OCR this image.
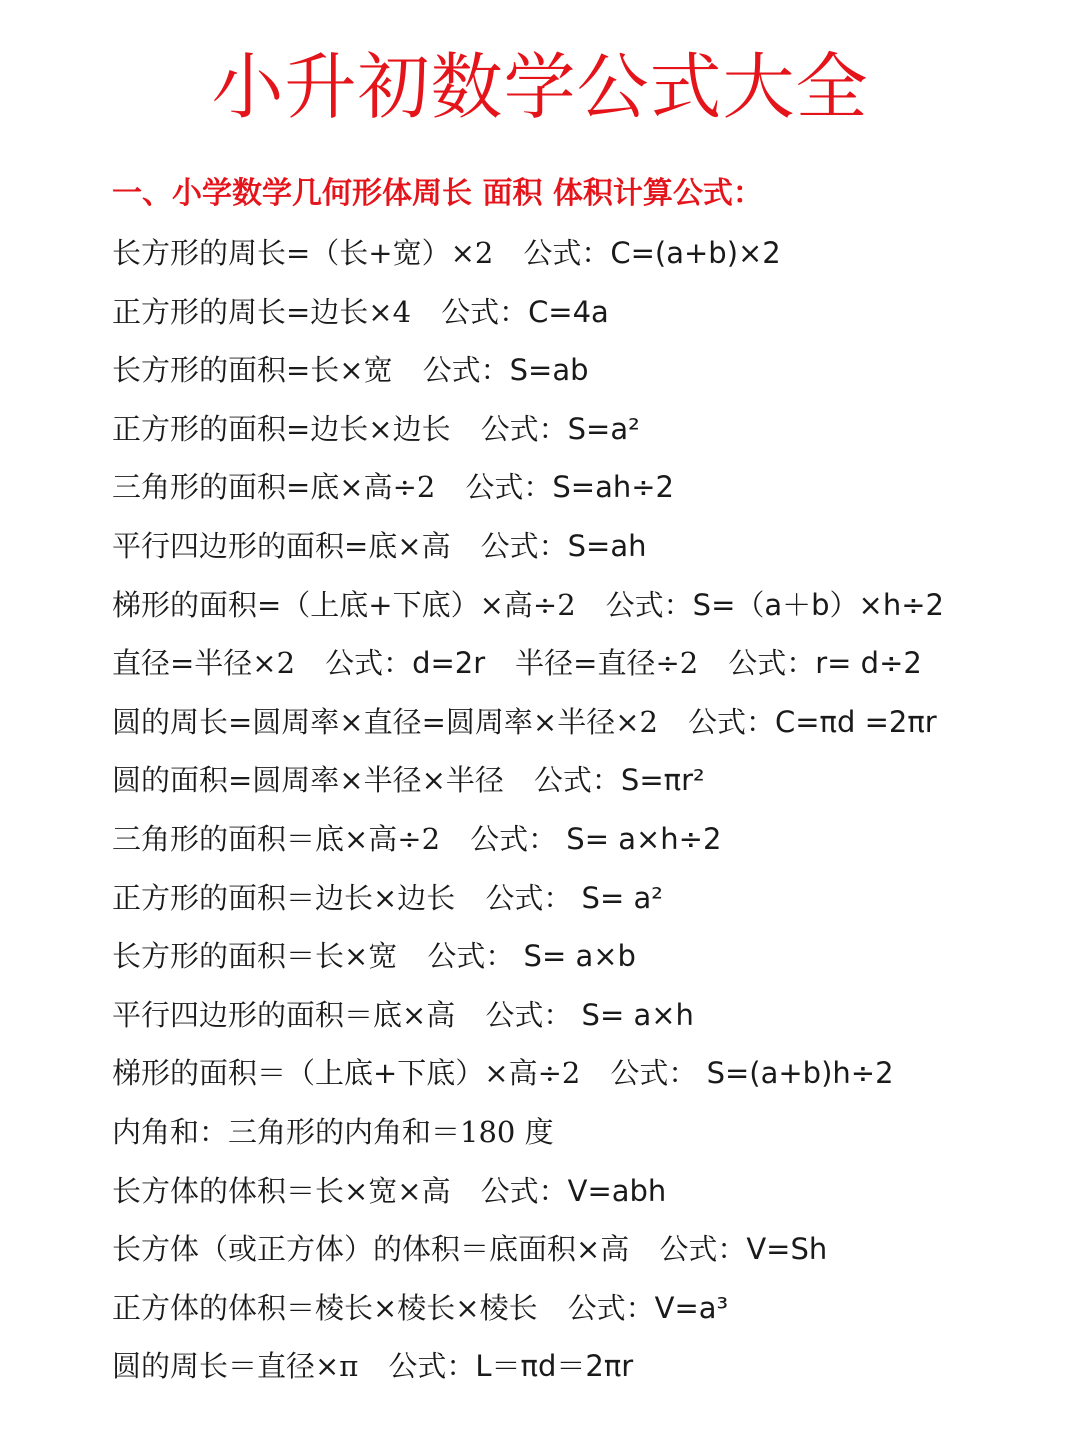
小升初数学公式大全
一、小学数学几何形体周长 面积 体积计算公式：
长方形的周长=（长+宽）×2 公式：C=(a+b)×2
正方形的周长=边长×4 公式：C=4a
长方形的面积=长×宽 公式：S=ab
正方形的面积=边长×边长 公式：S=a²
三角形的面积=底×高÷2 公式：S=ah÷2
平行四边形的面积=底×高 公式：S=ah
梯形的面积=（上底+下底）×高÷2 公式：S=（a＋b）×h÷2
直径=半径×2 公式：d=2r 半径=直径÷2 公式：r= d÷2
圆的周长=圆周率×直径=圆周率×半径×2 公式：C=πd =2πr
圆的面积=圆周率×半径×半径 公式：S=πr²
三角形的面积＝底×高÷2 公式： S= a×h÷2
正方形的面积＝边长×边长 公式： S= a²
长方形的面积＝长×宽 公式： S= a×b
平行四边形的面积＝底×高 公式： S= a×h
梯形的面积＝（上底+下底）×高÷2 公式： S=(a+b)h÷2
内角和：三角形的内角和＝180 度
长方体的体积＝长×宽×高 公式：V=abh
长方体（或正方体）的体积＝底面积×高 公式：V=Sh
正方体的体积＝棱长×棱长×棱长 公式：V=a³
圆的周长＝直径×π 公式：L＝πd＝2πr
